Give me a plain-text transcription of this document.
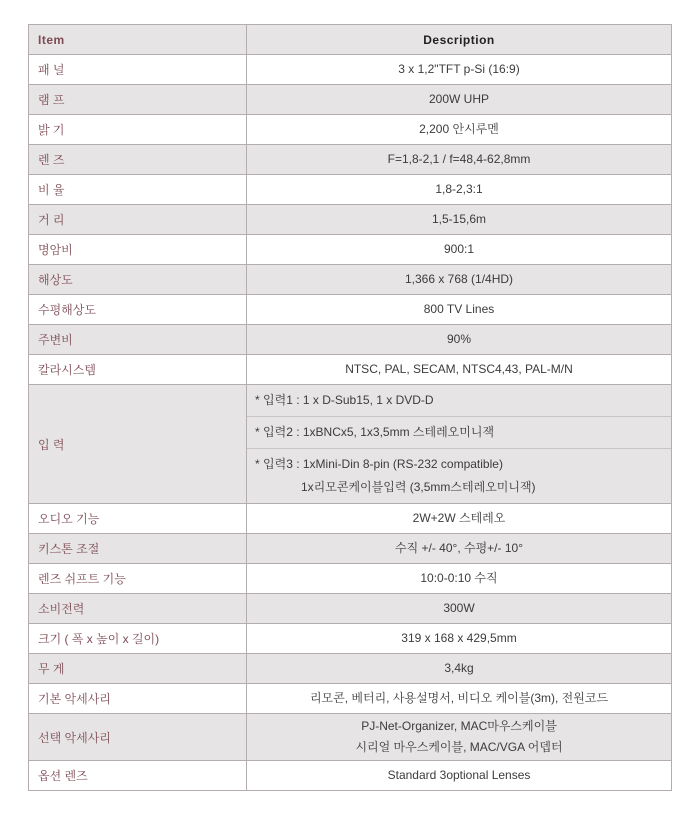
Item	Description
패 널	3 x 1,2"TFT p-Si (16:9)
램 프	200W UHP
밝 기	2,200 안시루멘
렌 즈	F=1,8-2,1 / f=48,4-62,8mm
비 율	1,8-2,3:1
거 리	1,5-15,6m
명암비	900:1
해상도	1,366 x 768 (1/4HD)
수평해상도	800 TV Lines
주변비	90%
칼라시스템	NTSC, PAL, SECAM, NTSC4,43, PAL-M/N
입 력	* 입력1 : 1 x D-Sub15, 1 x DVD-D
* 입력2 : 1xBNCx5, 1x3,5mm 스테레오미니잭
* 입력3 : 1xMini-Din 8-pin (RS-232 compatible)
1x리모콘케이블입력 (3,5mm스테레오미니잭)

오디오 기능	2W+2W 스테레오
키스톤 조절	수직 +/- 40°, 수평+/- 10°
렌즈 쉬프트 기능	10:0-0:10 수직
소비전력	300W
크기 ( 폭 x 높이 x 길이)	319 x 168 x 429,5mm
무 게	3,4kg
기본 악세사리	리모콘, 베터리, 사용설명서, 비디오 케이블(3m), 전원코드
선택 악세사리	PJ-Net-Organizer, MAC마우스케이블
시리얼 마우스케이블, MAC/VGA 어뎁터

옵션 렌즈	Standard 3optional Lenses
